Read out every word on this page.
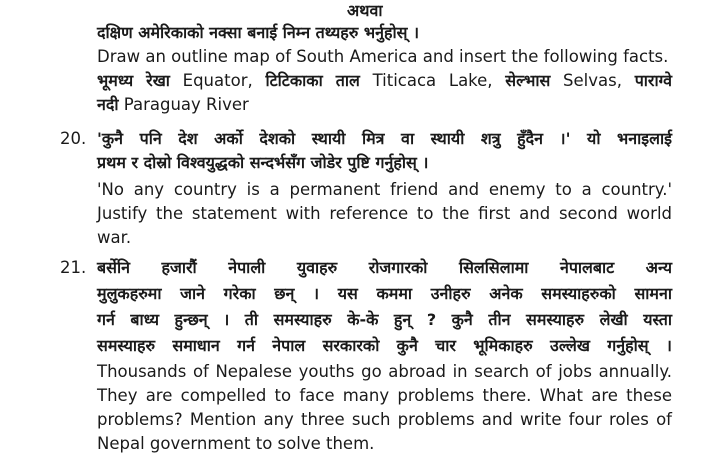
अथवा
दक्षिण अमेरिकाको नक्सा बनाई निम्न तथ्यहरु भर्नुहोस् ।
Draw an outline map of South America and insert the following facts.
भूमध्य रेखा Equator, टिटिकाका ताल Titicaca Lake, सेल्भास Selvas, पाराग्वे
नदी Paraguay River
20. 'कुनै पनि देश अर्को देशको स्थायी मित्र वा स्थायी शत्रु हुँदैन ।' यो भनाइलाई
प्रथम र दोस्रो विश्वयुद्धको सन्दर्भसँग जोडेर पुष्टि गर्नुहोस् ।
'No any country is a permanent friend and enemy to a country.'
Justify the statement with reference to the first and second world
war.
21. बर्सेनि हजारौं नेपाली युवाहरु रोजगारको सिलसिलामा नेपालबाट अन्य
मुलुकहरुमा जाने गरेका छन् । यस कममा उनीहरु अनेक समस्याहरुको सामना
गर्न बाध्य हुन्छन् । ती समस्याहरु के-के हुन् ? कुनै तीन समस्याहरु लेखी यस्ता
समस्याहरु समाधान गर्न नेपाल सरकारको कुनै चार भूमिकाहरु उल्लेख गर्नुहोस् ।
Thousands of Nepalese youths go abroad in search of jobs annually.
They are compelled to face many problems there. What are these
problems? Mention any three such problems and write four roles of
Nepal government to solve them.
